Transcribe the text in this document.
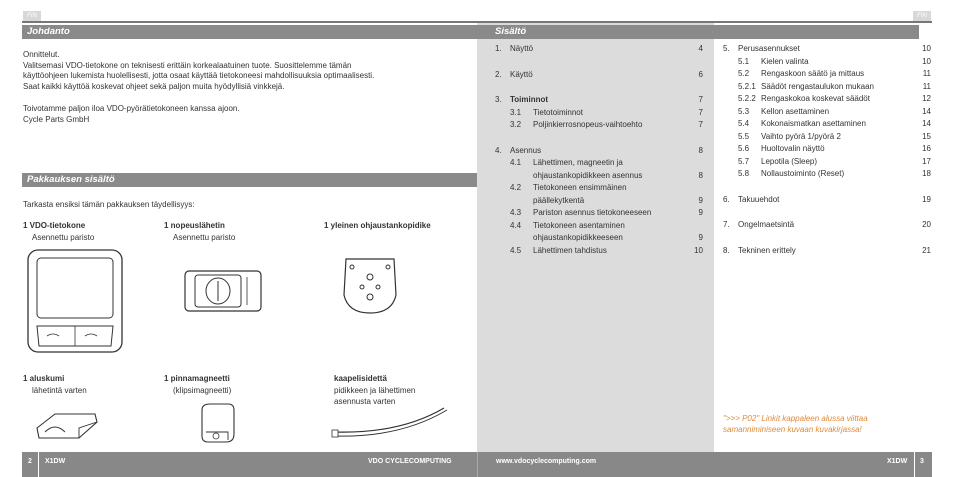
FIN	N	S	CZ	CZ	S	N	FIN
Johdanto
Onnittelut.
Valitsemasi VDO-tietokone on teknisesti erittäin korkealaatuinen tuote. Suosittelemme tämän
käyttöohjeen lukemista huolellisesti, jotta osaat käyttää tietokoneesi mahdollisuuksia optimaalisesti.
Saat kaikki käyttöä koskevat ohjeet sekä paljon muita hyödyllisiä vinkkejä.
Toivotamme paljon iloa VDO-pyörätietokoneen kanssa ajoon.
Cycle Parts GmbH
Pakkauksen sisältö
Tarkasta ensiksi tämän pakkauksen täydellisyys:
1 VDO-tietokone
Asennettu paristo
1 nopeuslähetin
Asennettu paristo
1 yleinen ohjaustankopidike
1 aluskumi
lähetintä varten
1 pinnamagneetti
(klipsimagneetti)
kaapelisidettä
pidikkeen ja lähettimen
asennusta varten
Sisältö
1. Näyttö	4
2. Käyttö	6
3. Toiminnot	7
3.1 Tietotoiminnot	7
3.2 Poljinkierrosnopeus-vaihtoehto	7
4. Asennus	8
4.1 Lähettimen, magneetin ja
ohjaustankopidikkeen asennus	8
4.2 Tietokoneen ensimmäinen
päällekytkentä	9
4.3 Pariston asennus tietokoneeseen	9
4.4 Tietokoneen asentaminen
ohjaustankopidikkeeseen	9
4.5 Lähettimen tahdistus	10
5. Perusasennukset	10
5.1 Kielen valinta	10
5.2 Rengaskoon säätö ja mittaus	11
5.2.1 Säädöt rengastaulukon mukaan	11
5.2.2 Rengaskokoa koskevat säädöt	12
5.3 Kellon asettaminen	14
5.4 Kokonaismatkan asettaminen	14
5.5 Vaihto pyörä 1/pyörä 2	15
5.6 Huoltovalin näyttö	16
5.7 Lepotila (Sleep)	17
5.8 Nollaustoiminto (Reset)	18
6. Takuuehdot	19
7. Ongelmaetsintä	20
8. Tekninen erittely	21
">>> P02" Linkit kappaleen alussa viittaa
samanniminiseen kuvaan kuvakirjassa!
2 X1DW	VDO CYCLECOMPUTING	www.vdocyclecomputing.com	X1DW 3
